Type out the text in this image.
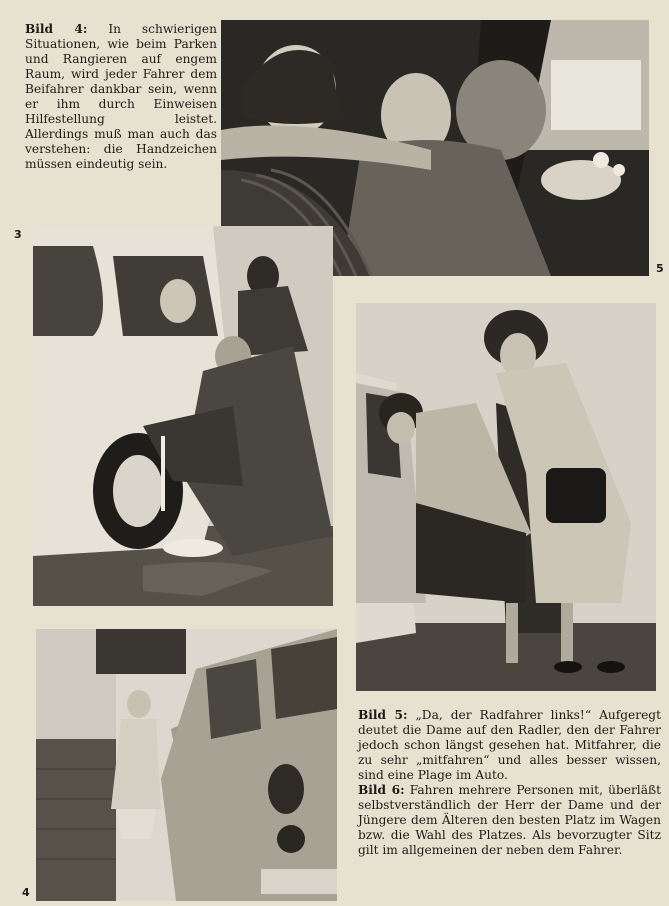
Bild 4: In schwierigen Situationen, wie beim Parken und Rangieren auf engem Raum, wird jeder Fahrer dem Beifahrer dankbar sein, wenn er ihm durch Einweisen Hilfestellung leistet. Allerdings muß man auch das verstehen: die Handzeichen müssen eindeutig sein.

3
5
4

Bild 5: „Da, der Radfahrer links!“ Aufgeregt deutet die Dame auf den Radler, den der Fahrer jedoch schon längst gesehen hat. Mitfahrer, die zu sehr „mitfahren“ und alles besser wissen, sind eine Plage im Auto.

Bild 6: Fahren mehrere Personen mit, überläßt selbstverständlich der Herr der Dame und der Jüngere dem Älteren den besten Platz im Wagen bzw. die Wahl des Platzes. Als bevorzugter Sitz gilt im allgemeinen der neben dem Fahrer.
